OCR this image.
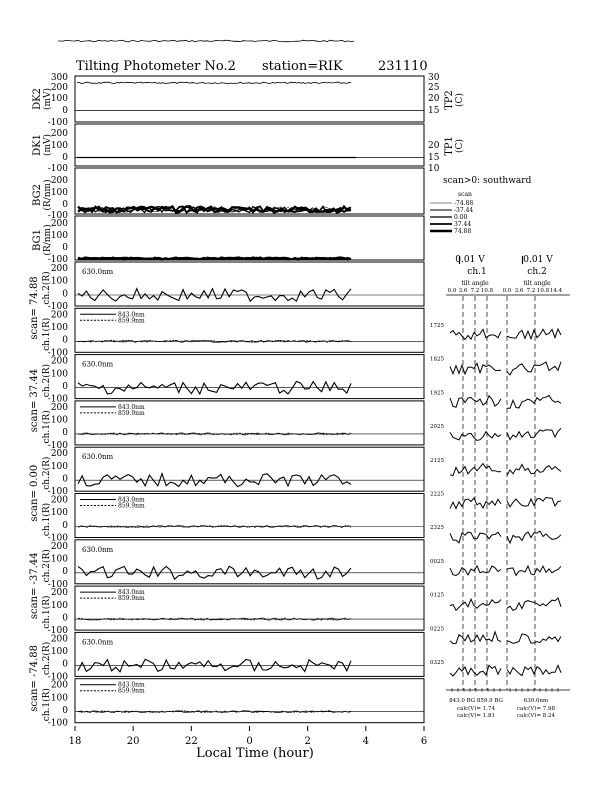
Tilting Photometer No.2 station=RIK	231110
300
200
100
0
-100
DK2 (mV)
200
100
0
-100
DK1 (mV)
30
25
20
15
20
15
10
TP2 (C)
TP1 (C)
200
100
0
-100
BG2 (R/nm)
200
100
0
-100
BG1 (R/nm)
scan>0: southward
scan
-74.88
-37.44
0.00
37.44
74.88
200
100
0
-100
ch.2(R)	630.0nm
200
100
0
-100
ch.1(R)
843.0nm
859.9nm
scan= 74.88
200
100
0
-100
ch.2(R)	630.0nm
200
100
0
-100
ch.1(R)
843.0nm
859.9nm
scan= 37.44
200
100
0
-100
ch.2(R)	630.0nm
200
100
0
-100
ch.1(R)
843.0nm
859.9nm
scan= 0.00
200
100
0
-100
ch.2(R)	630.0nm
200
100
0
-100
ch.1(R)
843.0nm
859.9nm
scan= -37.44
200
100
0
-100
ch.2(R)	630.0nm
200
100
0
-100
ch.1(R)
843.0nm
859.9nm
scan= -74.88
Local Time (hour)
18	20	22	0	2	4	6
0.01 V
ch.1
tilt angle
0.01 V
ch.2
tilt angle
843.0 BG 859.9 BG
calc(V)= 1.74
calc(V)= 1.81
630.0nm
calc(V)= 7.98
calc(V)= 8.24
0.0 3.6 7.2 10.8 0.0 3.6 7.2 10.8 14.4
1725
1825
1925
2025
2125
2225
2325
0025
0125
0225
0325
